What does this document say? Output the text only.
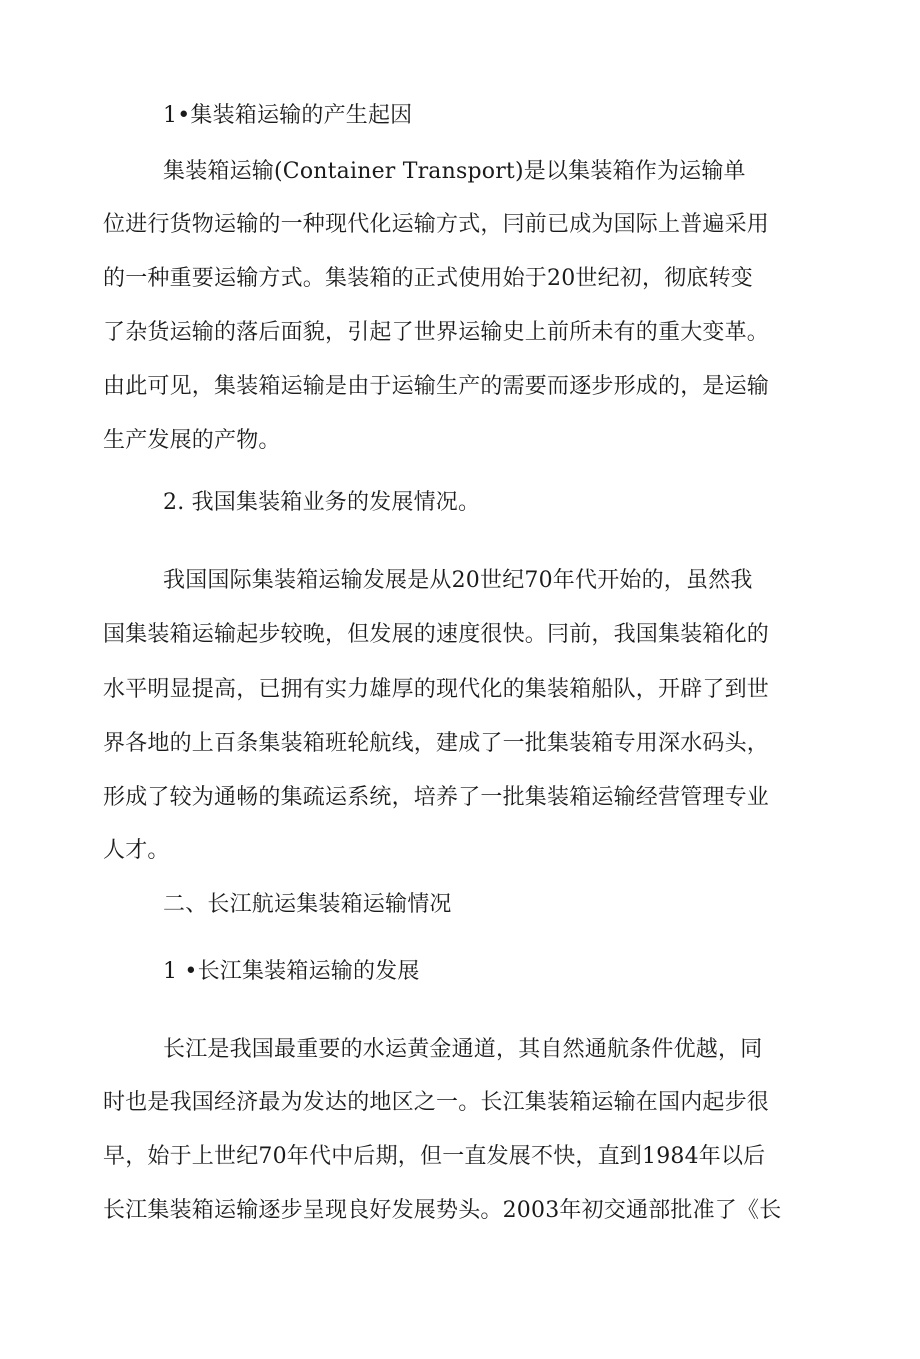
1•集装箱运输的产生起因
集装箱运输(Container Transport)是以集装箱作为运输单
位进行货物运输的一种现代化运输方式，冃前已成为国际上普遍采用
的一种重要运输方式。集装箱的正式使用始于20世纪初，彻底转变
了杂货运输的落后面貌，引起了世界运输史上前所未有的重大变革。
由此可见，集装箱运输是由于运输生产的需要而逐步形成的，是运输
生产发展的产物。
2. 我国集装箱业务的发展情况。
我国国际集装箱运输发展是从20世纪70年代开始的，虽然我
国集装箱运输起步较晚，但发展的速度很快。冃前，我国集装箱化的
水平明显提高，已拥有实力雄厚的现代化的集装箱船队，开辟了到世
界各地的上百条集装箱班轮航线，建成了一批集装箱专用深水码头，
形成了较为通畅的集疏运系统，培养了一批集装箱运输经营管理专业
人才。
二、长江航运集装箱运输情况
1 •长江集装箱运输的发展
长江是我国最重要的水运黄金通道，其自然通航条件优越，同
时也是我国经济最为发达的地区之一。长江集装箱运输在国内起步很
早，始于上世纪70年代中后期，但一直发展不快，直到1984年以后
长江集装箱运输逐步呈现良好发展势头。2003年初交通部批准了《长
